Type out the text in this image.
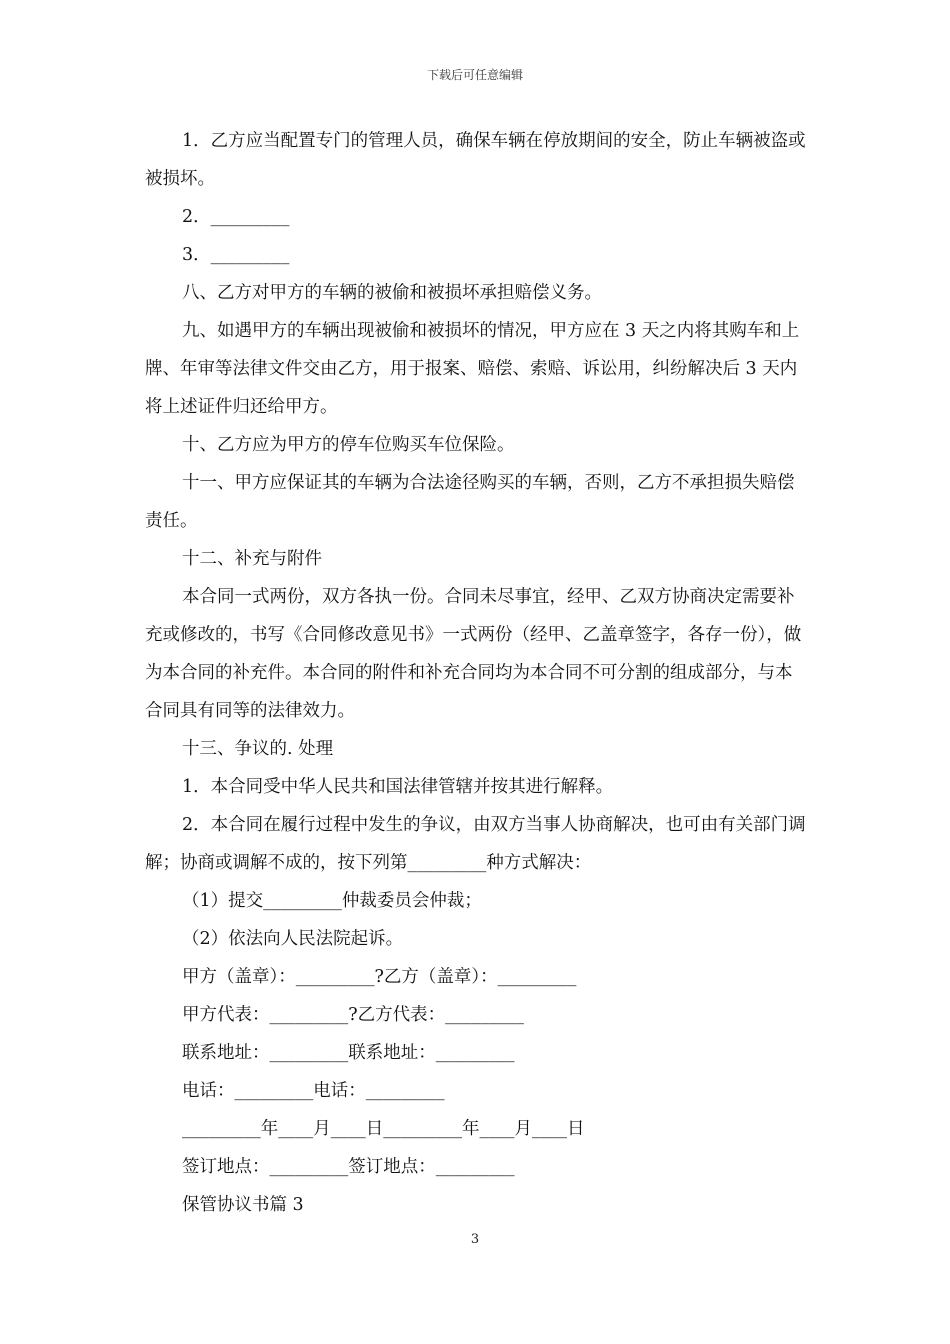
下载后可任意编辑

1．乙方应当配置专门的管理人员，确保车辆在停放期间的安全，防止车辆被盗或被损坏。

2．_________

3．_________

八、乙方对甲方的车辆的被偷和被损坏承担赔偿义务。

九、如遇甲方的车辆出现被偷和被损坏的情况，甲方应在 3 天之内将其购车和上牌、年审等法律文件交由乙方，用于报案、赔偿、索赔、诉讼用，纠纷解决后 3 天内将上述证件归还给甲方。

十、乙方应为甲方的停车位购买车位保险。

十一、甲方应保证其的车辆为合法途径购买的车辆，否则，乙方不承担损失赔偿责任。

十二、补充与附件

本合同一式两份，双方各执一份。合同未尽事宜，经甲、乙双方协商决定需要补充或修改的，书写《合同修改意见书》一式两份（经甲、乙盖章签字，各存一份），做为本合同的补充件。本合同的附件和补充合同均为本合同不可分割的组成部分，与本合同具有同等的法律效力。

十三、争议的. 处理

1．本合同受中华人民共和国法律管辖并按其进行解释。

2．本合同在履行过程中发生的争议，由双方当事人协商解决，也可由有关部门调解；协商或调解不成的，按下列第_________种方式解决：

（1）提交_________仲裁委员会仲裁；

（2）依法向人民法院起诉。

甲方（盖章）：_________?乙方（盖章）：_________

甲方代表：_________?乙方代表：_________

联系地址：_________联系地址：_________

电话：_________电话：_________

_________年____月____日_________年____月____日

签订地点：_________签订地点：_________

保管协议书篇 3

3
